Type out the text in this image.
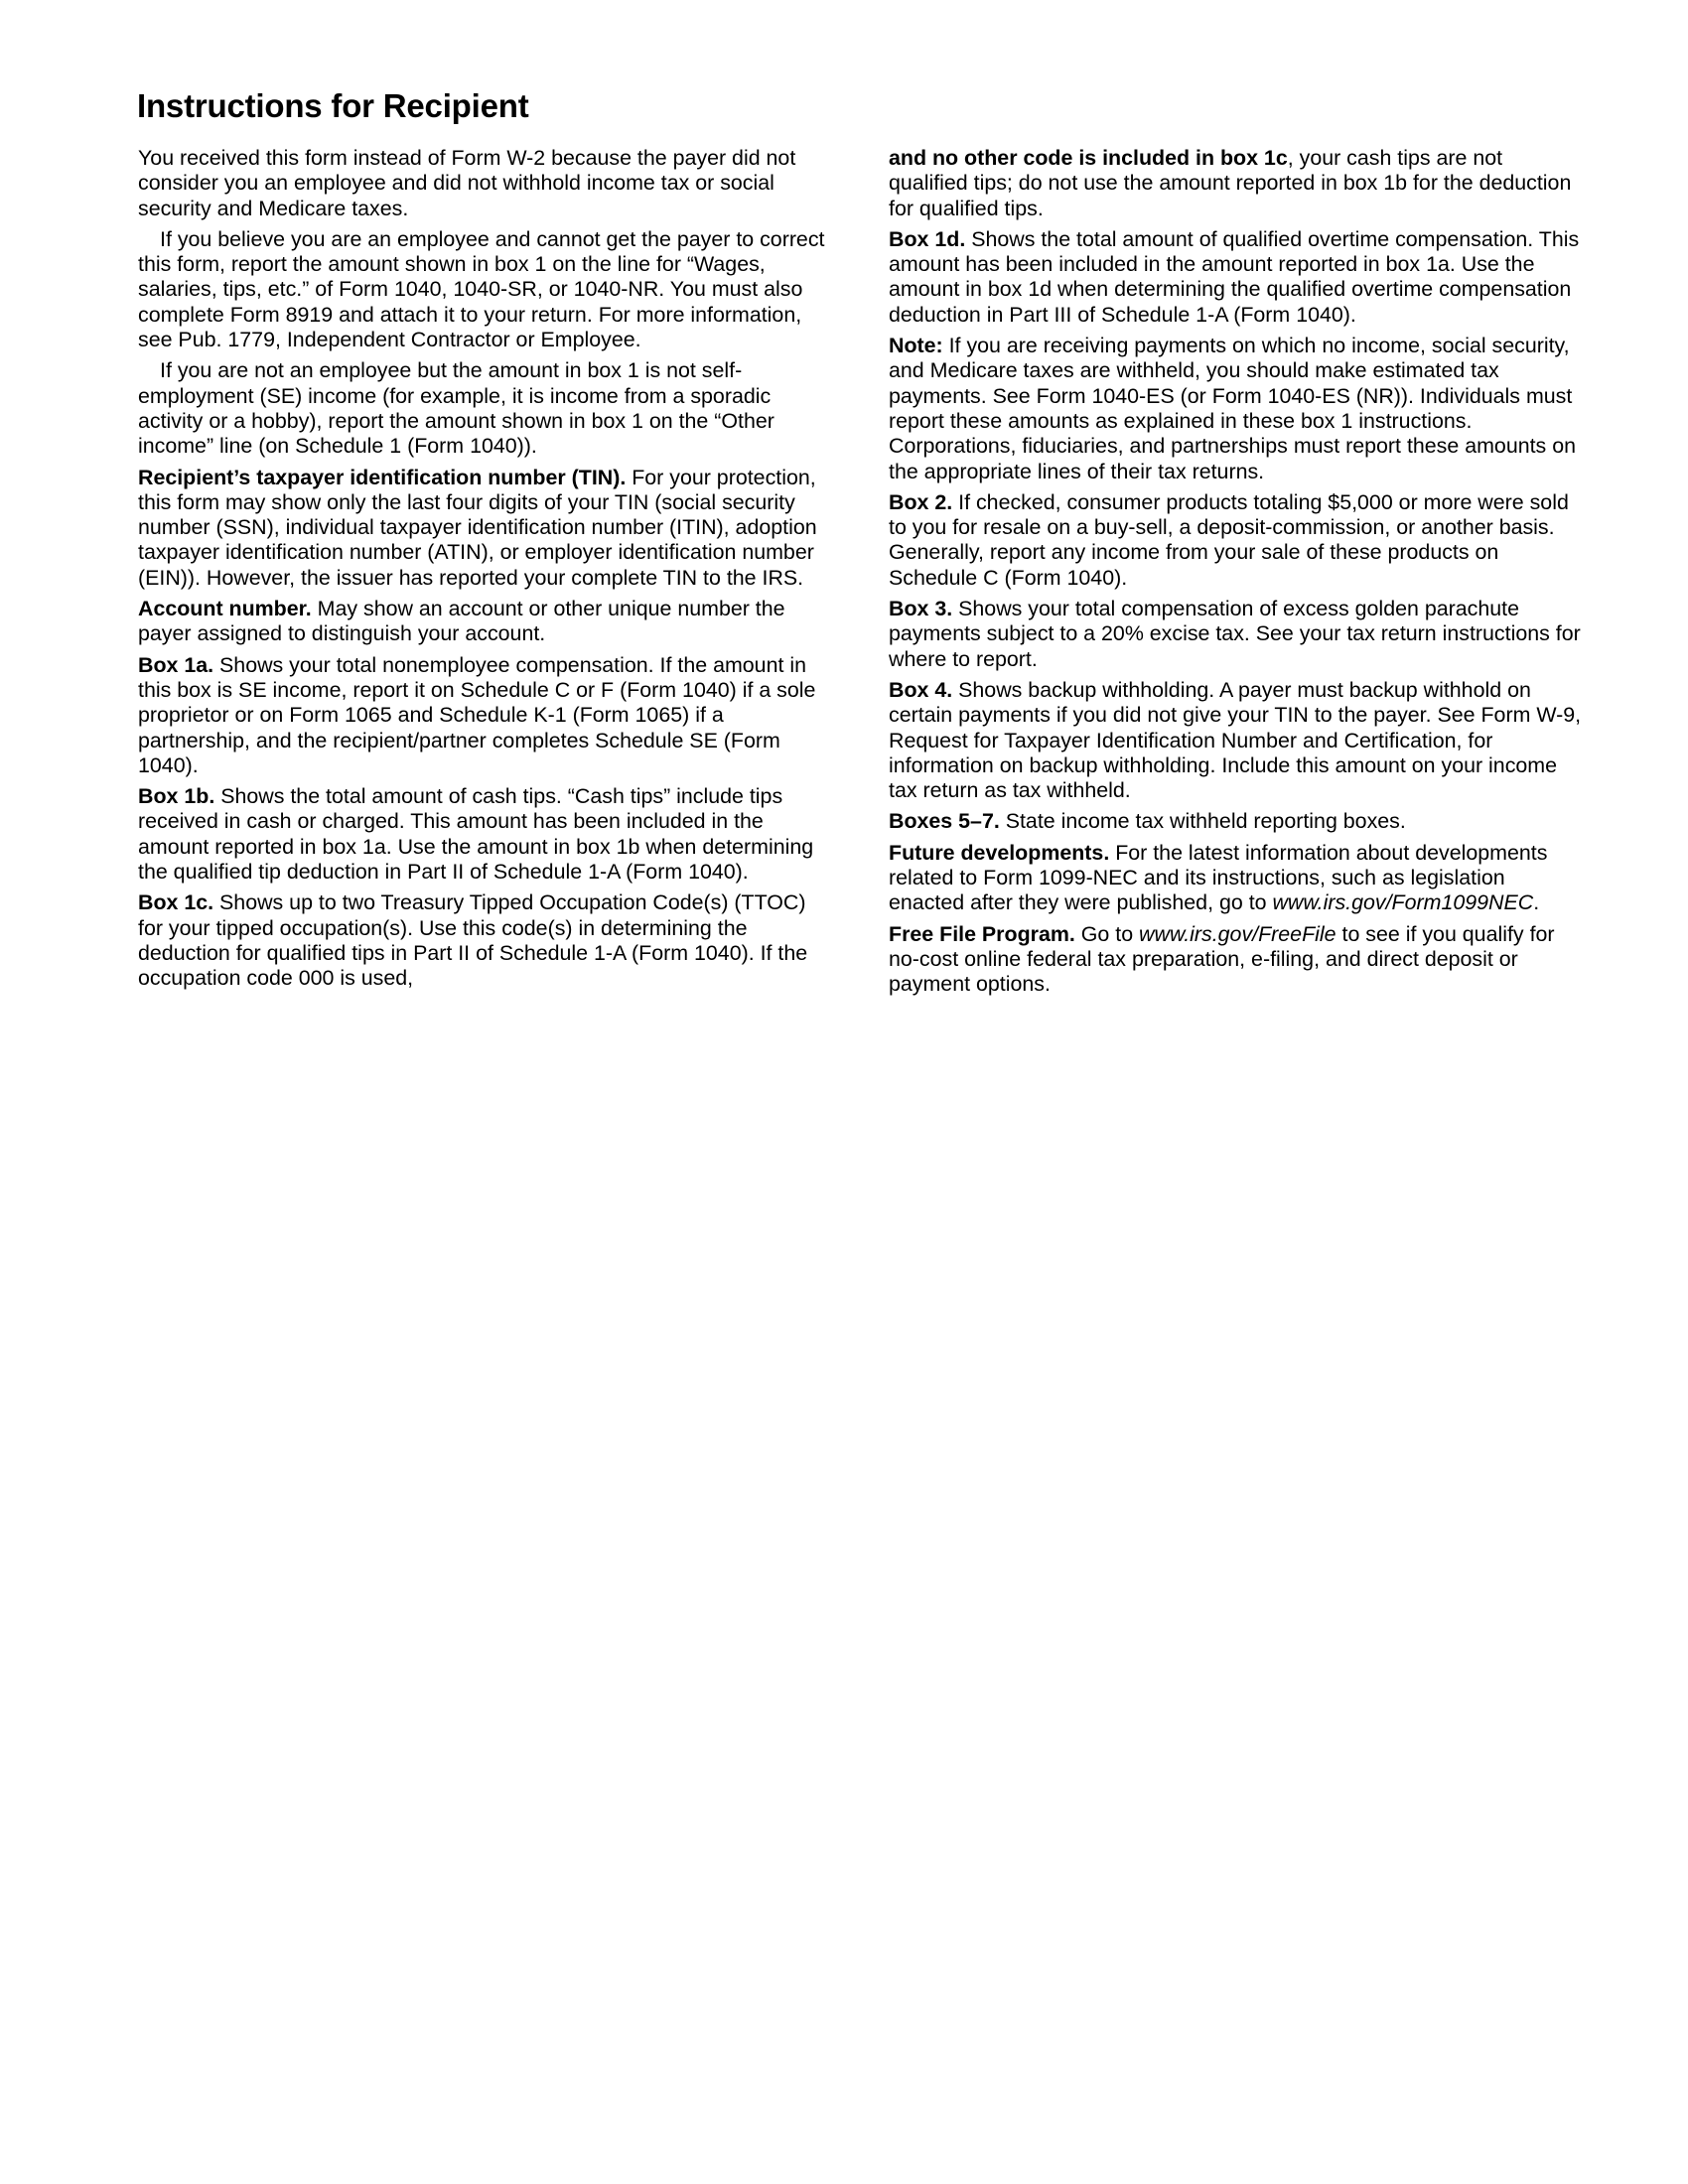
Instructions for Recipient

You received this form instead of Form W-2 because the payer did not consider you an employee and did not withhold income tax or social security and Medicare taxes.

If you believe you are an employee and cannot get the payer to correct this form, report the amount shown in box 1 on the line for “Wages, salaries, tips, etc.” of Form 1040, 1040-SR, or 1040-NR. You must also complete Form 8919 and attach it to your return. For more information, see Pub. 1779, Independent Contractor or Employee.

If you are not an employee but the amount in box 1 is not self-employment (SE) income (for example, it is income from a sporadic activity or a hobby), report the amount shown in box 1 on the “Other income” line (on Schedule 1 (Form 1040)).

Recipient’s taxpayer identification number (TIN). For your protection, this form may show only the last four digits of your TIN (social security number (SSN), individual taxpayer identification number (ITIN), adoption taxpayer identification number (ATIN), or employer identification number (EIN)). However, the issuer has reported your complete TIN to the IRS.

Account number. May show an account or other unique number the payer assigned to distinguish your account.

Box 1a. Shows your total nonemployee compensation. If the amount in this box is SE income, report it on Schedule C or F (Form 1040) if a sole proprietor or on Form 1065 and Schedule K-1 (Form 1065) if a partnership, and the recipient/partner completes Schedule SE (Form 1040).

Box 1b. Shows the total amount of cash tips. “Cash tips” include tips received in cash or charged. This amount has been included in the amount reported in box 1a. Use the amount in box 1b when determining the qualified tip deduction in Part II of Schedule 1-A (Form 1040).

Box 1c. Shows up to two Treasury Tipped Occupation Code(s) (TTOC) for your tipped occupation(s). Use this code(s) in determining the deduction for qualified tips in Part II of Schedule 1-A (Form 1040). If the occupation code 000 is used,

and no other code is included in box 1c, your cash tips are not qualified tips; do not use the amount reported in box 1b for the deduction for qualified tips.

Box 1d. Shows the total amount of qualified overtime compensation. This amount has been included in the amount reported in box 1a. Use the amount in box 1d when determining the qualified overtime compensation deduction in Part III of Schedule 1-A (Form 1040).

Note: If you are receiving payments on which no income, social security, and Medicare taxes are withheld, you should make estimated tax payments. See Form 1040-ES (or Form 1040-ES (NR)). Individuals must report these amounts as explained in these box 1 instructions. Corporations, fiduciaries, and partnerships must report these amounts on the appropriate lines of their tax returns.

Box 2. If checked, consumer products totaling $5,000 or more were sold to you for resale on a buy-sell, a deposit-commission, or another basis. Generally, report any income from your sale of these products on Schedule C (Form 1040).

Box 3. Shows your total compensation of excess golden parachute payments subject to a 20% excise tax. See your tax return instructions for where to report.

Box 4. Shows backup withholding. A payer must backup withhold on certain payments if you did not give your TIN to the payer. See Form W-9, Request for Taxpayer Identification Number and Certification, for information on backup withholding. Include this amount on your income tax return as tax withheld.

Boxes 5–7. State income tax withheld reporting boxes.

Future developments. For the latest information about developments related to Form 1099-NEC and its instructions, such as legislation enacted after they were published, go to www.irs.gov/Form1099NEC.

Free File Program. Go to www.irs.gov/FreeFile to see if you qualify for no-cost online federal tax preparation, e-filing, and direct deposit or payment options.
